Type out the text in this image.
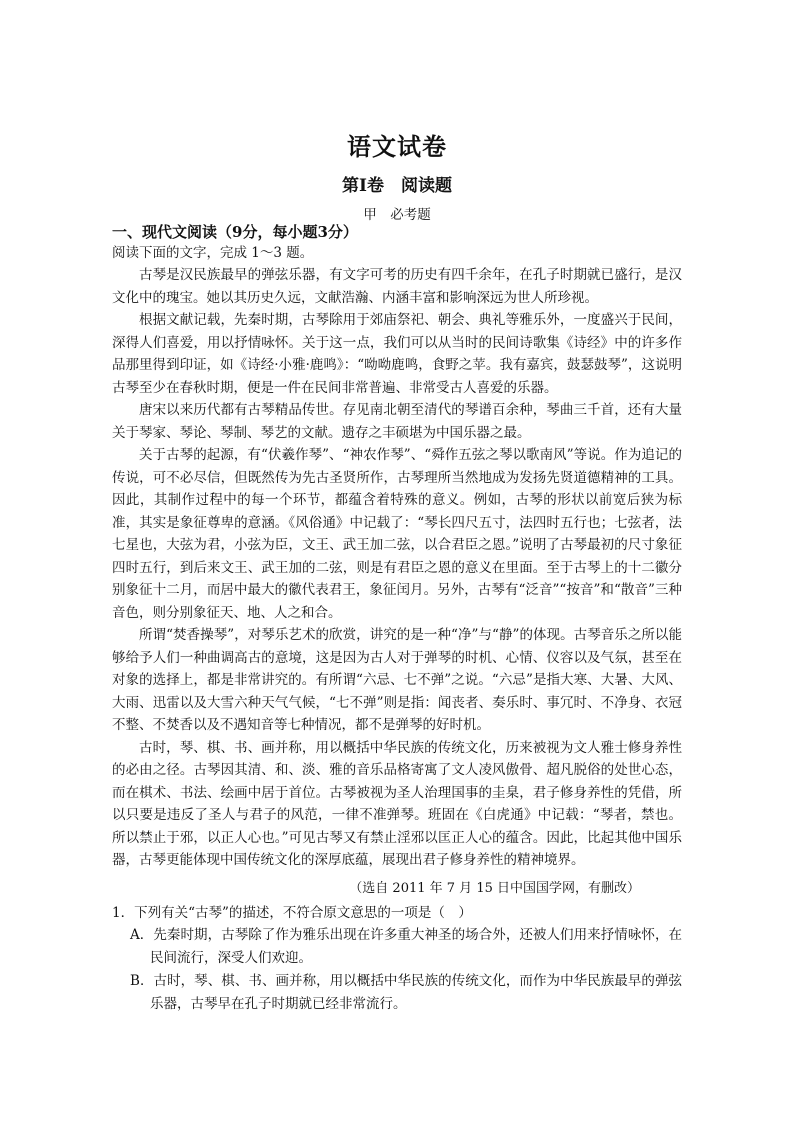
语文试卷
第Ⅰ卷　阅读题
甲　必考题

一、现代文阅读（9分，每小题3分）

阅读下面的文字，完成 1～3 题。

古琴是汉民族最早的弹弦乐器，有文字可考的历史有四千余年，在孔子时期就已盛行，是汉文化中的瑰宝。她以其历史久远，文献浩瀚、内涵丰富和影响深远为世人所珍视。

根据文献记载，先秦时期，古琴除用于郊庙祭祀、朝会、典礼等雅乐外，一度盛兴于民间，深得人们喜爱，用以抒情咏怀。关于这一点，我们可以从当时的民间诗歌集《诗经》中的许多作品那里得到印证，如《诗经·小雅·鹿鸣》：“呦呦鹿鸣，食野之苹。我有嘉宾，鼓瑟鼓琴”，这说明古琴至少在春秋时期，便是一件在民间非常普遍、非常受古人喜爱的乐器。

唐宋以来历代都有古琴精品传世。存见南北朝至清代的琴谱百余种，琴曲三千首，还有大量关于琴家、琴论、琴制、琴艺的文献。遗存之丰硕堪为中国乐器之最。

关于古琴的起源，有“伏羲作琴”、“神农作琴”、“舜作五弦之琴以歌南风”等说。作为追记的传说，可不必尽信，但既然传为先古圣贤所作，古琴理所当然地成为发扬先贤道德精神的工具。因此，其制作过程中的每一个环节，都蕴含着特殊的意义。例如，古琴的形状以前宽后狭为标准，其实是象征尊卑的意涵。《风俗通》中记载了：“琴长四尺五寸，法四时五行也；七弦者，法七星也，大弦为君，小弦为臣，文王、武王加二弦，以合君臣之恩。”说明了古琴最初的尺寸象征四时五行，到后来文王、武王加的二弦，则是有君臣之恩的意义在里面。至于古琴上的十二徽分别象征十二月，而居中最大的徽代表君王，象征闰月。另外，古琴有“泛音”“按音”和“散音”三种音色，则分别象征天、地、人之和合。

所谓“焚香操琴”，对琴乐艺术的欣赏，讲究的是一种“净”与“静”的体现。古琴音乐之所以能够给予人们一种曲调高古的意境，这是因为古人对于弹琴的时机、心情、仪容以及气氛，甚至在对象的选择上，都是非常讲究的。有所谓“六忌、七不弹”之说。“六忌”是指大寒、大暑、大风、大雨、迅雷以及大雪六种天气气候，“七不弹”则是指：闻丧者、奏乐时、事冗时、不净身、衣冠不整、不焚香以及不遇知音等七种情况，都不是弹琴的好时机。

古时，琴、棋、书、画并称，用以概括中华民族的传统文化，历来被视为文人雅士修身养性的必由之径。古琴因其清、和、淡、雅的音乐品格寄寓了文人凌风傲骨、超凡脱俗的处世心态，而在棋术、书法、绘画中居于首位。古琴被视为圣人治理国事的圭臬，君子修身养性的凭借，所以只要是违反了圣人与君子的风范，一律不准弹琴。班固在《白虎通》中记载：“琴者，禁也。所以禁止于邪，以正人心也。”可见古琴又有禁止淫邪以匡正人心的蕴含。因此，比起其他中国乐器，古琴更能体现中国传统文化的深厚底蕴，展现出君子修身养性的精神境界。

（选自 2011 年 7 月 15 日中国国学网，有删改）

1．下列有关“古琴”的描述，不符合原文意思的一项是（　）

A．先秦时期，古琴除了作为雅乐出现在许多重大神圣的场合外，还被人们用来抒情咏怀，在民间流行，深受人们欢迎。

B．古时，琴、棋、书、画并称，用以概括中华民族的传统文化，而作为中华民族最早的弹弦乐器，古琴早在孔子时期就已经非常流行。
